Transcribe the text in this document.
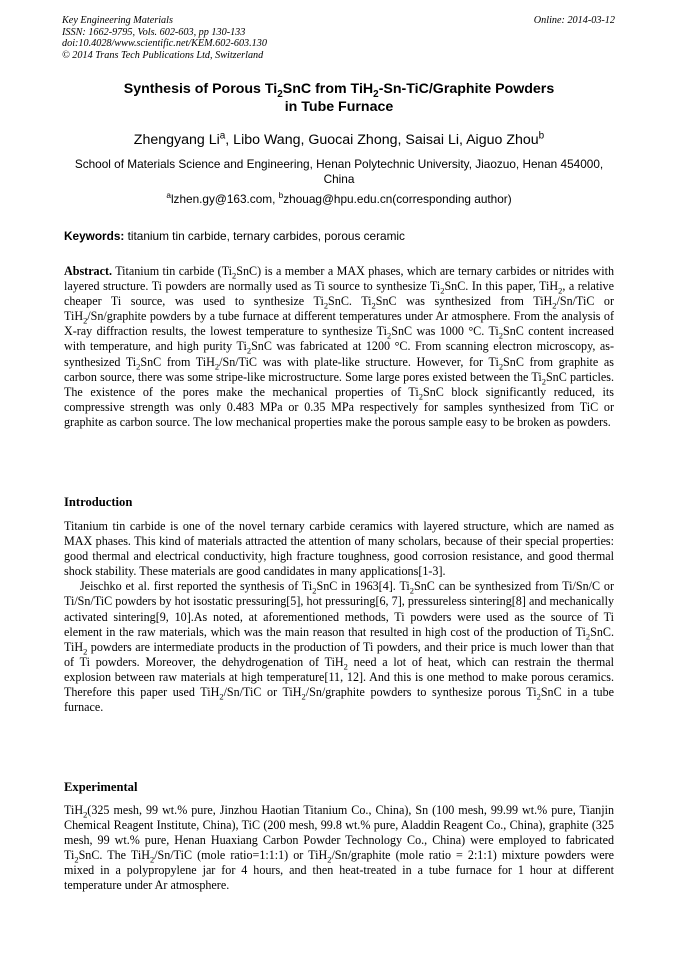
Key Engineering Materials
ISSN: 1662-9795, Vols. 602-603, pp 130-133
doi:10.4028/www.scientific.net/KEM.602-603.130
© 2014 Trans Tech Publications Ltd, Switzerland
Online: 2014-03-12
Synthesis of Porous $Ti_2SnC$ from TiH$_2$-Sn-TiC/Graphite Powders
in Tube Furnace
Zhengyang Li$^a$, Libo Wang, Guocai Zhong, Saisai Li, Aiguo Zhou$^b$
School of Materials Science and Engineering, Henan Polytechnic University, Jiaozuo, Henan 454000, China
$^a$lzhen.gy@163.com, $^b$zhouag@hpu.edu.cn(corresponding author)
Keywords: titanium tin carbide, ternary carbides, porous ceramic

Abstract. Titanium tin carbide $(Ti_2SnC)$ is a member a MAX phases, which are ternary carbides or nitrides with layered structure. Ti powders are normally used as Ti source to synthesize $Ti_2SnC$. In this paper, TiH$_2$, a relative cheaper Ti source, was used to synthesize $Ti_2SnC$. $Ti_2SnC$ was synthesized from TiH$_2$/Sn/TiC or TiH$_2$/Sn/graphite powders by a tube furnace at different temperatures under Ar atmosphere. From the analysis of X-ray diffraction results, the lowest temperature to synthesize $Ti_2SnC$ was 1000 °C. $Ti_2SnC$ content increased with temperature, and high purity $Ti_2SnC$ was fabricated at 1200 °C. From scanning electron microscopy, as-synthesized $Ti_2SnC$ from TiH$_2$/Sn/TiC was with plate-like structure. However, for $Ti_2SnC$ from graphite as carbon source, there was some stripe-like microstructure. Some large pores existed between the $Ti_2SnC$ particles. The existence of the pores make the mechanical properties of $Ti_2SnC$ block significantly reduced, its compressive strength was only 0.483 MPa or 0.35 MPa respectively for samples synthesized from TiC or graphite as carbon source. The low mechanical properties make the porous sample easy to be broken as powders.

Introduction

Titanium tin carbide is one of the novel ternary carbide ceramics with layered structure, which are named as MAX phases. This kind of materials attracted the attention of many scholars, because of their special properties: good thermal and electrical conductivity, high fracture toughness, good corrosion resistance, and good thermal shock stability. These materials are good candidates in many applications[1-3].

Jeischko et al. first reported the synthesis of $Ti_2SnC$ in 1963[4]. $Ti_2SnC$ can be synthesized from Ti/Sn/C or Ti/Sn/TiC powders by hot isostatic pressuring[5], hot pressuring[6, 7], pressureless sintering[8] and mechanically activated sintering[9, 10].As noted, at aforementioned methods, Ti powders were used as the source of Ti element in the raw materials, which was the main reason that resulted in high cost of the production of $Ti_2SnC$. TiH$_2$ powders are intermediate products in the production of Ti powders, and their price is much lower than that of Ti powders. Moreover, the dehydrogenation of TiH$_2$ need a lot of heat, which can restrain the thermal explosion between raw materials at high temperature[11, 12]. And this is one method to make porous ceramics. Therefore this paper used TiH$_2$/Sn/TiC or TiH$_2$/Sn/graphite powders to synthesize porous $Ti_2SnC$ in a tube furnace.

Experimental

TiH$_2$(325 mesh, 99 wt.% pure, Jinzhou Haotian Titanium Co., China), Sn (100 mesh, 99.99 wt.% pure, Tianjin Chemical Reagent Institute, China), TiC (200 mesh, 99.8 wt.% pure, Aladdin Reagent Co., China), graphite (325 mesh, 99 wt.% pure, Henan Huaxiang Carbon Powder Technology Co., China) were employed to fabricated $Ti_2SnC$. The TiH$_2$/Sn/TiC (mole ratio=1:1:1) or TiH$_2$/Sn/graphite (mole ratio = 2:1:1) mixture powders were mixed in a polypropylene jar for 4 hours, and then heat-treated in a tube furnace for 1 hour at different temperature under Ar atmosphere.
